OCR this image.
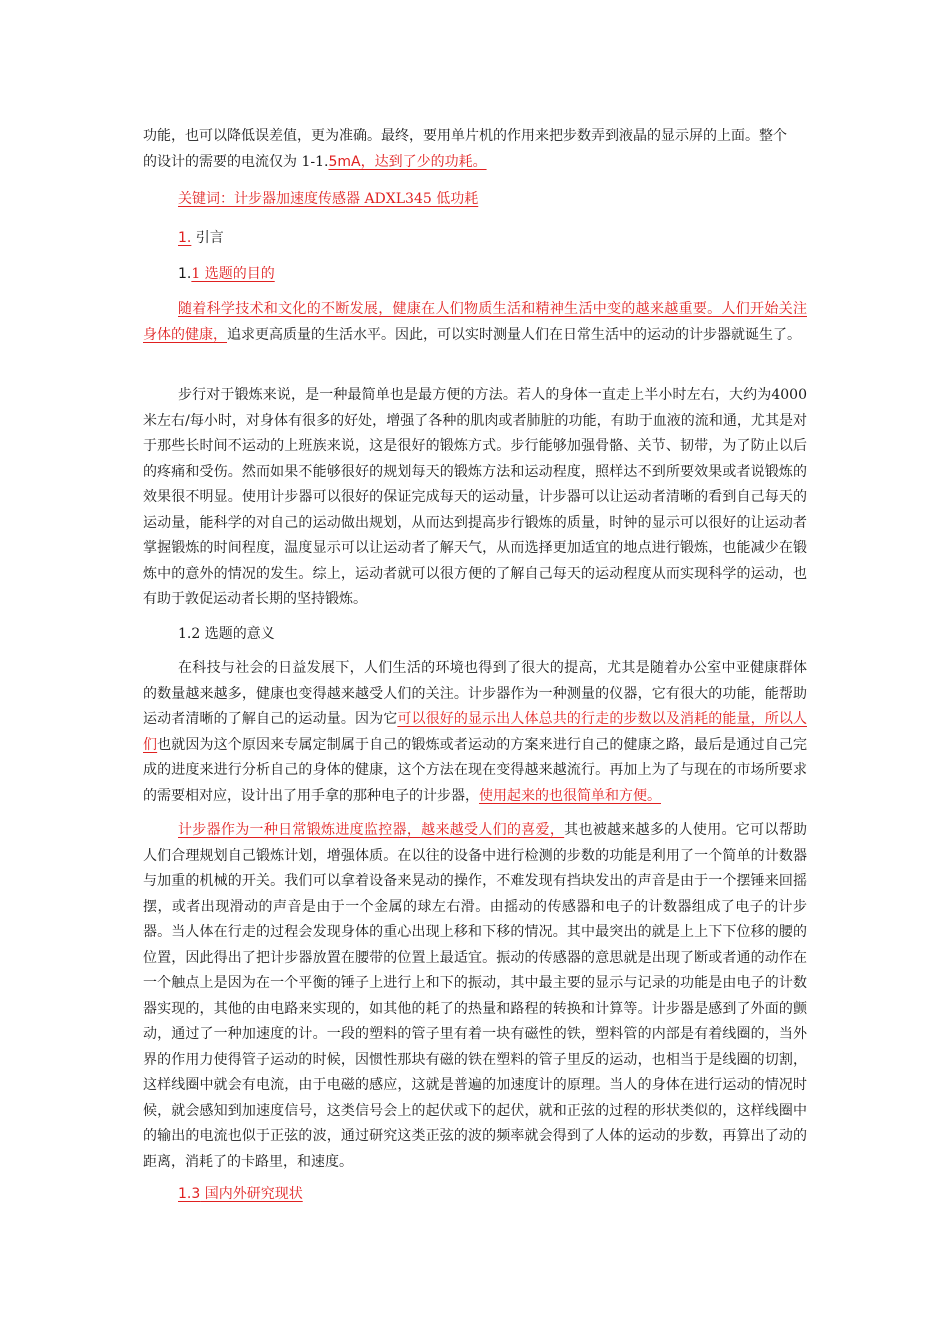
功能，也可以降低误差值，更为准确。最终，要用单片机的作用来把步数弄到液晶的显示屏的上面。整个

的设计的需要的电流仅为 1-1.5mA，达到了少的功耗。

关键词：计步器加速度传感器 ADXL345 低功耗

1. 引言

1.1 选题的目的

随着科学技术和文化的不断发展，健康在人们物质生活和精神生活中变的越来越重要。人们开始关注身体的健康，追求更高质量的生活水平。因此，可以实时测量人们在日常生活中的运动的计步器就诞生了。

步行对于锻炼来说，是一种最简单也是最方便的方法。若人的身体一直走上半小时左右，大约为4000 米左右/每小时，对身体有很多的好处，增强了各种的肌肉或者肺脏的功能，有助于血液的流和通，尤其是对于那些长时间不运动的上班族来说，这是很好的锻炼方式。步行能够加强骨骼、关节、韧带，为了防止以后的疼痛和受伤。然而如果不能够很好的规划每天的锻炼方法和运动程度，照样达不到所要效果或者说锻炼的效果很不明显。使用计步器可以很好的保证完成每天的运动量，计步器可以让运动者清晰的看到自己每天的运动量，能科学的对自己的运动做出规划，从而达到提高步行锻炼的质量，时钟的显示可以很好的让运动者掌握锻炼的时间程度，温度显示可以让运动者了解天气，从而选择更加适宜的地点进行锻炼，也能减少在锻炼中的意外的情况的发生。综上，运动者就可以很方便的了解自己每天的运动程度从而实现科学的运动，也有助于敦促运动者长期的坚持锻炼。

1.2 选题的意义

在科技与社会的日益发展下，人们生活的环境也得到了很大的提高，尤其是随着办公室中亚健康群体的数量越来越多，健康也变得越来越受人们的关注。计步器作为一种测量的仪器，它有很大的功能，能帮助运动者清晰的了解自己的运动量。因为它可以很好的显示出人体总共的行走的步数以及消耗的能量，所以人们也就因为这个原因来专属定制属于自己的锻炼或者运动的方案来进行自己的健康之路，最后是通过自己完成的进度来进行分析自己的身体的健康，这个方法在现在变得越来越流行。再加上为了与现在的市场所要求的需要相对应，设计出了用手拿的那种电子的计步器，使用起来的也很简单和方便。

计步器作为一种日常锻炼进度监控器，越来越受人们的喜爱，其也被越来越多的人使用。它可以帮助人们合理规划自己锻炼计划，增强体质。在以往的设备中进行检测的步数的功能是利用了一个简单的计数器与加重的机械的开关。我们可以拿着设备来晃动的操作，不难发现有挡块发出的声音是由于一个摆锤来回摇摆，或者出现滑动的声音是由于一个金属的球左右滑。由摇动的传感器和电子的计数器组成了电子的计步器。当人体在行走的过程会发现身体的重心出现上移和下移的情况。其中最突出的就是上上下下位移的腰的位置，因此得出了把计步器放置在腰带的位置上最适宜。振动的传感器的意思就是出现了断或者通的动作在一个触点上是因为在一个平衡的锤子上进行上和下的振动，其中最主要的显示与记录的功能是由电子的计数器实现的，其他的由电路来实现的，如其他的耗了的热量和路程的转换和计算等。计步器是感到了外面的颤动，通过了一种加速度的计。一段的塑料的管子里有着一块有磁性的铁，塑料管的内部是有着线圈的，当外界的作用力使得管子运动的时候，因惯性那块有磁的铁在塑料的管子里反的运动，也相当于是线圈的切割，这样线圈中就会有电流，由于电磁的感应，这就是普遍的加速度计的原理。当人的身体在进行运动的情况时候，就会感知到加速度信号，这类信号会上的起伏或下的起伏，就和正弦的过程的形状类似的，这样线圈中的输出的电流也似于正弦的波，通过研究这类正弦的波的频率就会得到了人体的运动的步数，再算出了动的距离，消耗了的卡路里，和速度。

1.3 国内外研究现状
